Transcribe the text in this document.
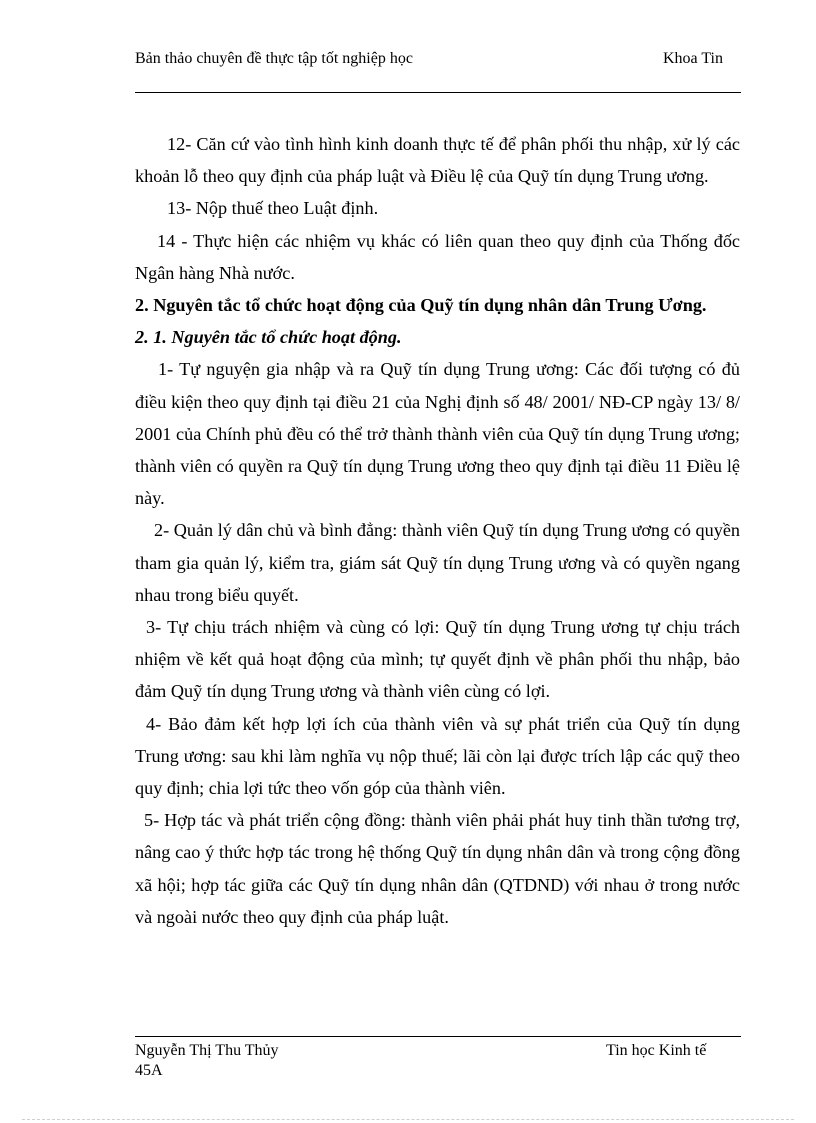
Bản thảo chuyên đề thực tập tốt nghiệp học	Khoa Tin

12- Căn cứ vào tình hình kinh doanh thực tế để phân phối thu nhập, xử lý các khoản lỗ theo quy định của pháp luật và Điều lệ của Quỹ tín dụng Trung ương.

13- Nộp thuế theo Luật định.

14 - Thực hiện các nhiệm vụ khác có liên quan theo quy định của Thống đốc Ngân hàng Nhà nước.

2. Nguyên tắc tổ chức hoạt động của Quỹ tín dụng nhân dân Trung Ương.

2. 1. Nguyên tắc tổ chức hoạt động.

1- Tự nguyện gia nhập và ra Quỹ tín dụng Trung ương: Các đối tượng có đủ điều kiện theo quy định tại điều 21 của Nghị định số 48/ 2001/ NĐ-CP ngày 13/ 8/ 2001 của Chính phủ đều có thể trở thành thành viên của Quỹ tín dụng Trung ương; thành viên có quyền ra Quỹ tín dụng Trung ương theo quy định tại điều 11 Điều lệ này.

2- Quản lý dân chủ và bình đẳng: thành viên Quỹ tín dụng Trung ương có quyền tham gia quản lý, kiểm tra, giám sát Quỹ tín dụng Trung ương và có quyền ngang nhau trong biểu quyết.

3- Tự chịu trách nhiệm và cùng có lợi: Quỹ tín dụng Trung ương tự chịu trách nhiệm về kết quả hoạt động của mình; tự quyết định về phân phối thu nhập, bảo đảm Quỹ tín dụng Trung ương và thành viên cùng có lợi.

4- Bảo đảm kết hợp lợi ích của thành viên và sự phát triển của Quỹ tín dụng Trung ương: sau khi làm nghĩa vụ nộp thuế; lãi còn lại được trích lập các quỹ theo quy định; chia lợi tức theo vốn góp của thành viên.

5- Hợp tác và phát triển cộng đồng: thành viên phải phát huy tinh thần tương trợ, nâng cao ý thức hợp tác trong hệ thống Quỹ tín dụng nhân dân và trong cộng đồng xã hội; hợp tác giữa các Quỹ tín dụng nhân dân (QTDND) với nhau ở trong nước và ngoài nước theo quy định của pháp luật.

Nguyễn Thị Thu Thủy 45A
Tin học Kinh tế
